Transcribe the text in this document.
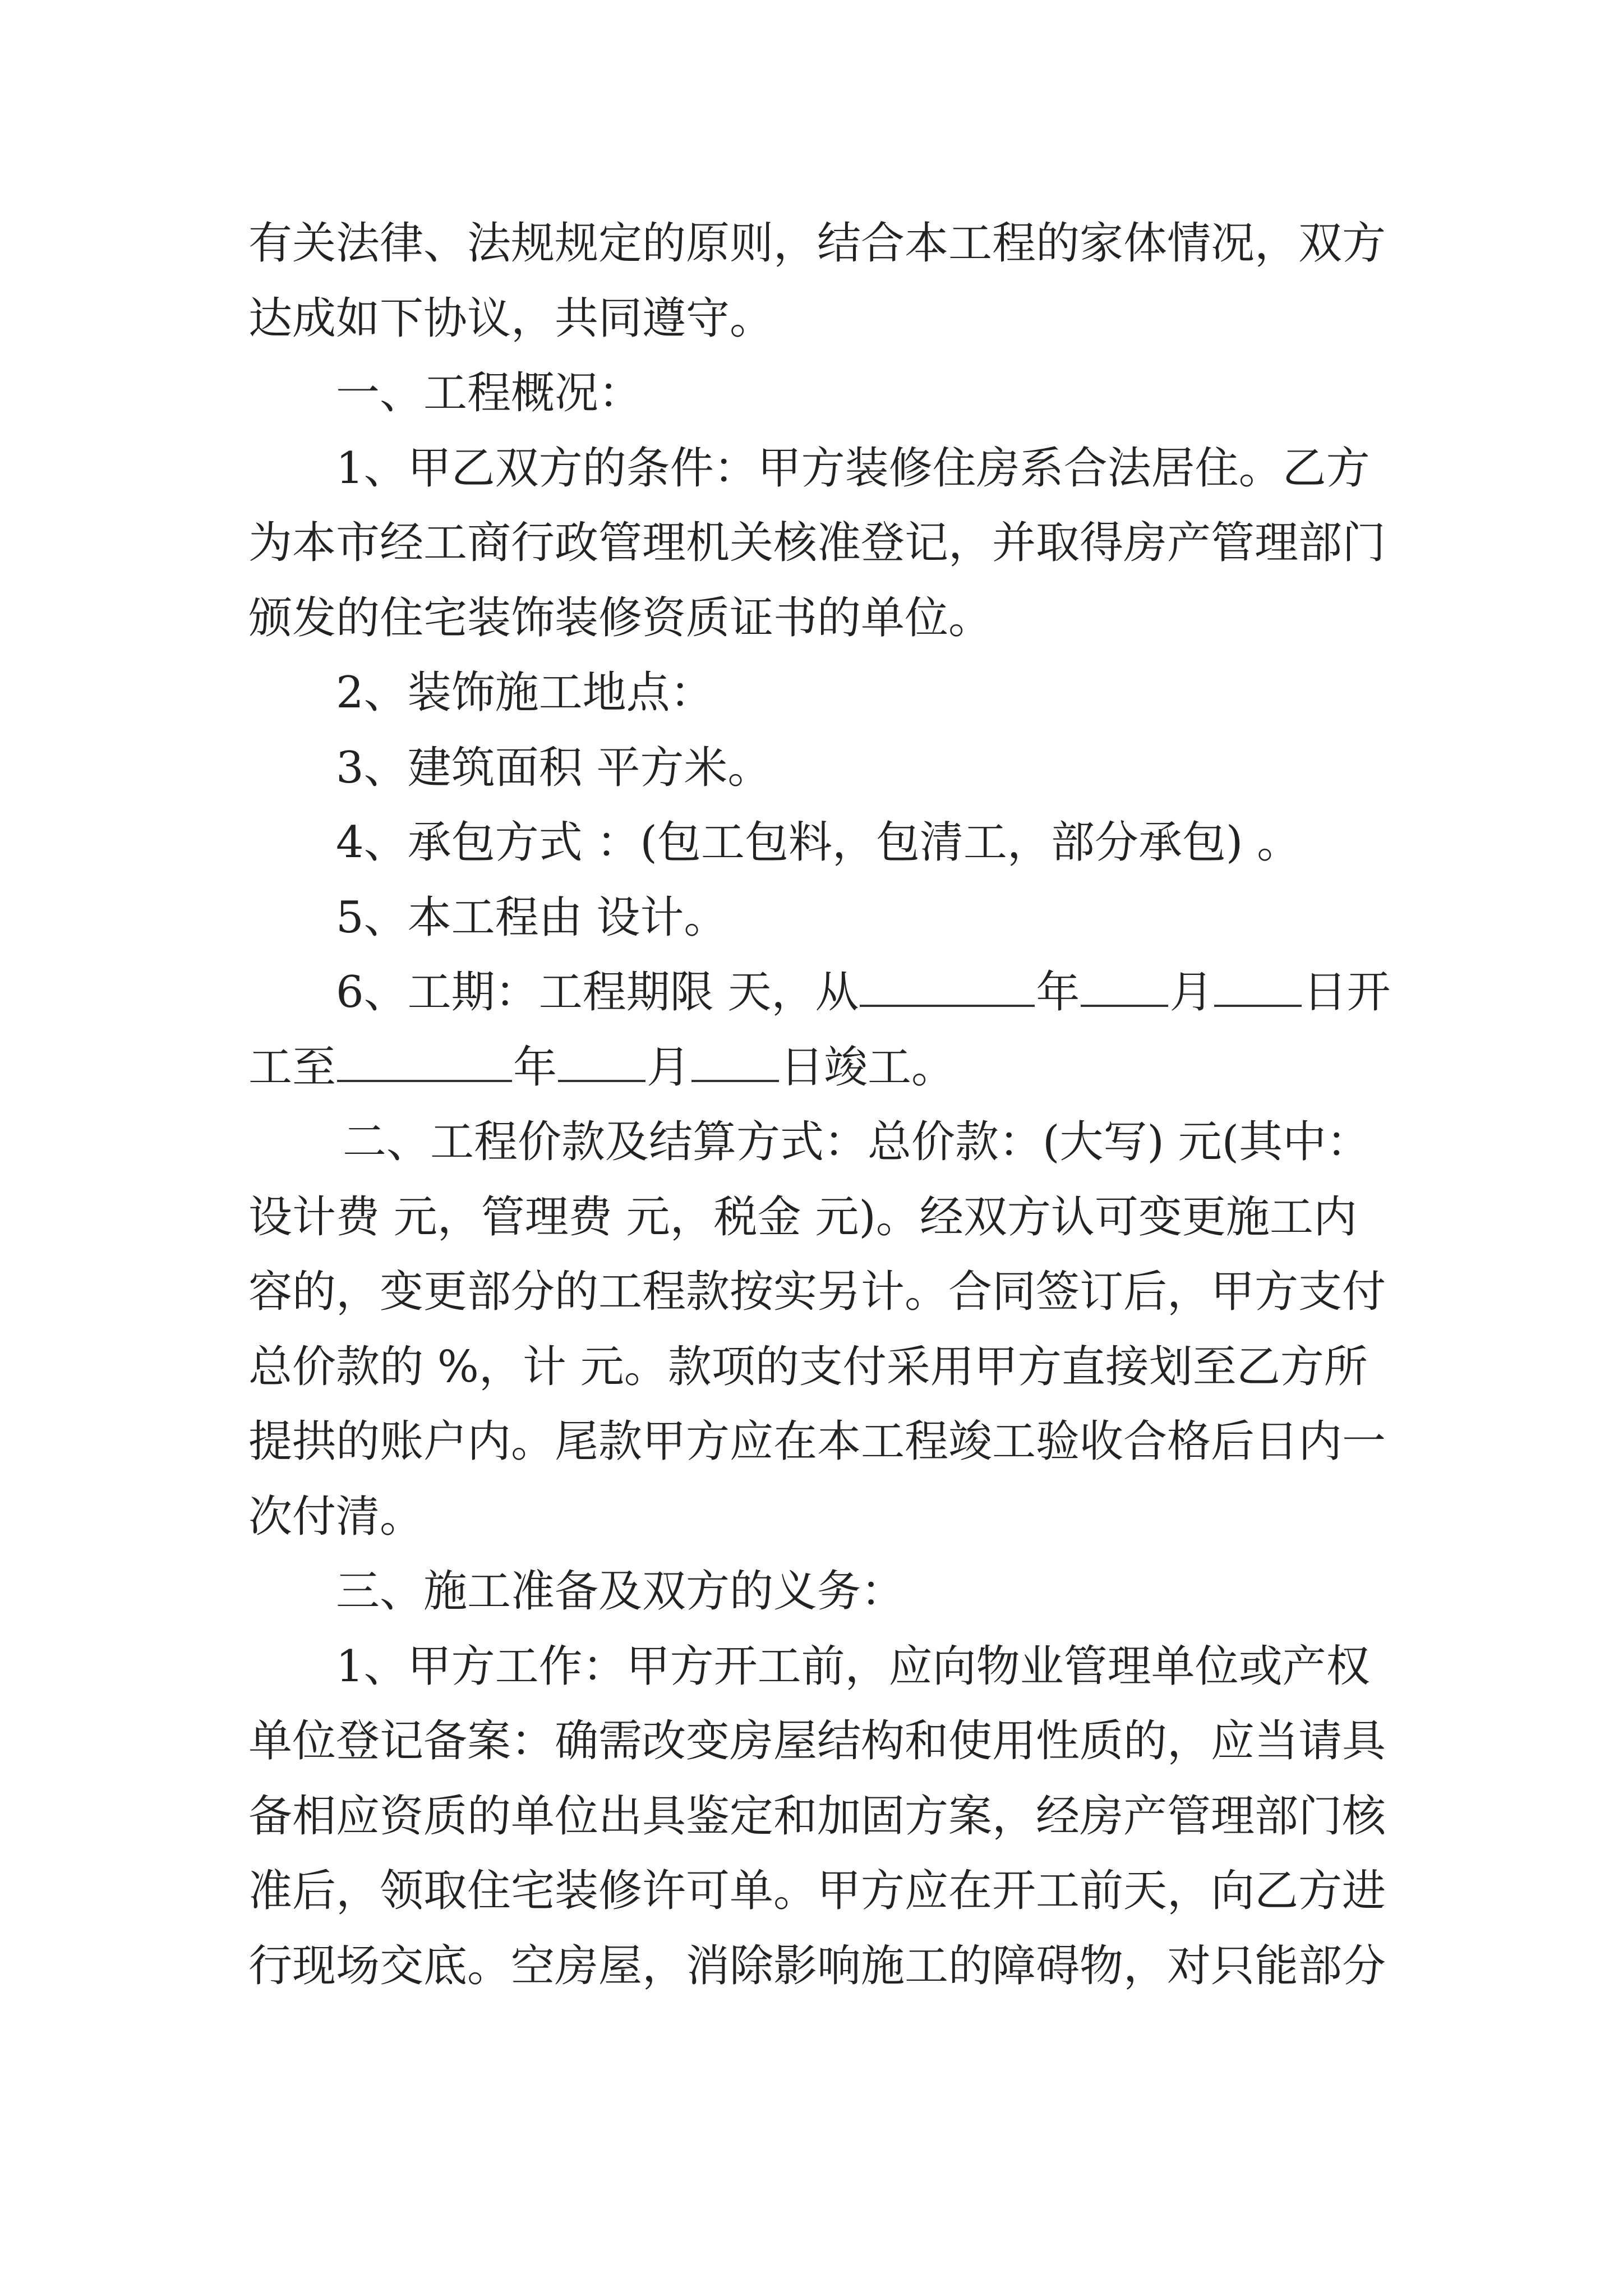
有关法律、法规规定的原则，结合本工程的家体情况，双方
达成如下协议，共同遵守。
一、工程概况：
1、甲乙双方的条件：甲方装修住房系合法居住。乙方
为本市经工商行政管理机关核准登记，并取得房产管理部门
颁发的住宅装饰装修资质证书的单位。
2、装饰施工地点：
3、建筑面积 平方米。
4、承包方式 ：(包工包料，包清工，部分承包) 。
5、本工程由 设计。
6、工期：工程期限 天，从	年 月 日开
工至	年 月 日竣工。
二、工程价款及结算方式：总价款：(大写) 元(其中：
设计费 元，管理费 元，税金 元)。经双方认可变更施工内
容的，变更部分的工程款按实另计。合同签订后，甲方支付
总价款的 %，计 元。款项的支付采用甲方直接划至乙方所
提拱的账户内。尾款甲方应在本工程竣工验收合格后日内一
次付清。
三、施工准备及双方的义务：
1、甲方工作：甲方开工前，应向物业管理单位或产权
单位登记备案：确需改变房屋结构和使用性质的，应当请具
备相应资质的单位出具鉴定和加固方案，经房产管理部门核
准后，领取住宅装修许可单。甲方应在开工前天，向乙方进
行现场交底。空房屋，消除影响施工的障碍物，对只能部分
